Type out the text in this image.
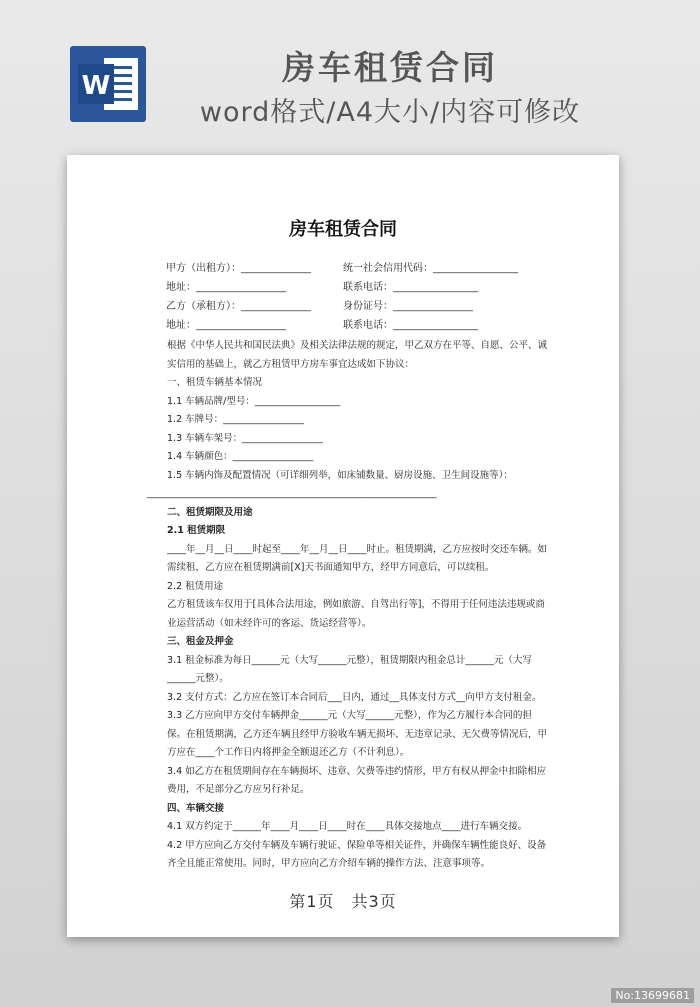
W	房车租赁合同
word格式/A4大小/内容可修改
房车租赁合同
甲方（出租方）：______________	统一社会信用代码：_________________
地址：__________________	联系电话：_________________
乙方（承租方）：______________	身份证号：________________
地址：__________________	联系电话：_________________

根据《中华人民共和国民法典》及相关法律法规的规定，甲乙双方在平等、自愿、公平、诚实信用的基础上，就乙方租赁甲方房车事宜达成如下协议：

一、租赁车辆基本情况

1.1 车辆品牌/型号：__________________

1.2 车牌号：_________________

1.3 车辆车架号：_________________

1.4 车辆颜色：_________________

1.5 车辆内饰及配置情况（可详细列举，如床铺数量、厨房设施、卫生间设施等）：

____________________________________________________________________

二、租赁期限及用途

2.1 租赁期限

____年__月__日____时起至____年__月__日____时止。租赁期满，乙方应按时交还车辆。如需续租，乙方应在租赁期满前[X]天书面通知甲方，经甲方同意后，可以续租。

2.2 租赁用途

乙方租赁该车仅用于[具体合法用途，例如旅游、自驾出行等]，不得用于任何违法违规或商业运营活动（如未经许可的客运、货运经营等）。

三、租金及押金

3.1 租金标准为每日______元（大写______元整），租赁期限内租金总计______元（大写______元整）。

3.2 支付方式：乙方应在签订本合同后___日内，通过__具体支付方式__向甲方支付租金。

3.3 乙方应向甲方交付车辆押金______元（大写______元整），作为乙方履行本合同的担保。在租赁期满，乙方还车辆且经甲方验收车辆无损坏、无违章记录、无欠费等情况后，甲方应在____个工作日内将押金全额退还乙方（不计利息）。

3.4 如乙方在租赁期间存在车辆损坏、违章、欠费等违约情形，甲方有权从押金中扣除相应费用，不足部分乙方应另行补足。

四、车辆交接

4.1 双方约定于______年____月____日____时在____具体交接地点____进行车辆交接。

4.2 甲方应向乙方交付车辆及车辆行驶证、保险单等相关证件，并确保车辆性能良好、设备齐全且能正常使用。同时，甲方应向乙方介绍车辆的操作方法、注意事项等。

第1页　共3页
No:13699681
